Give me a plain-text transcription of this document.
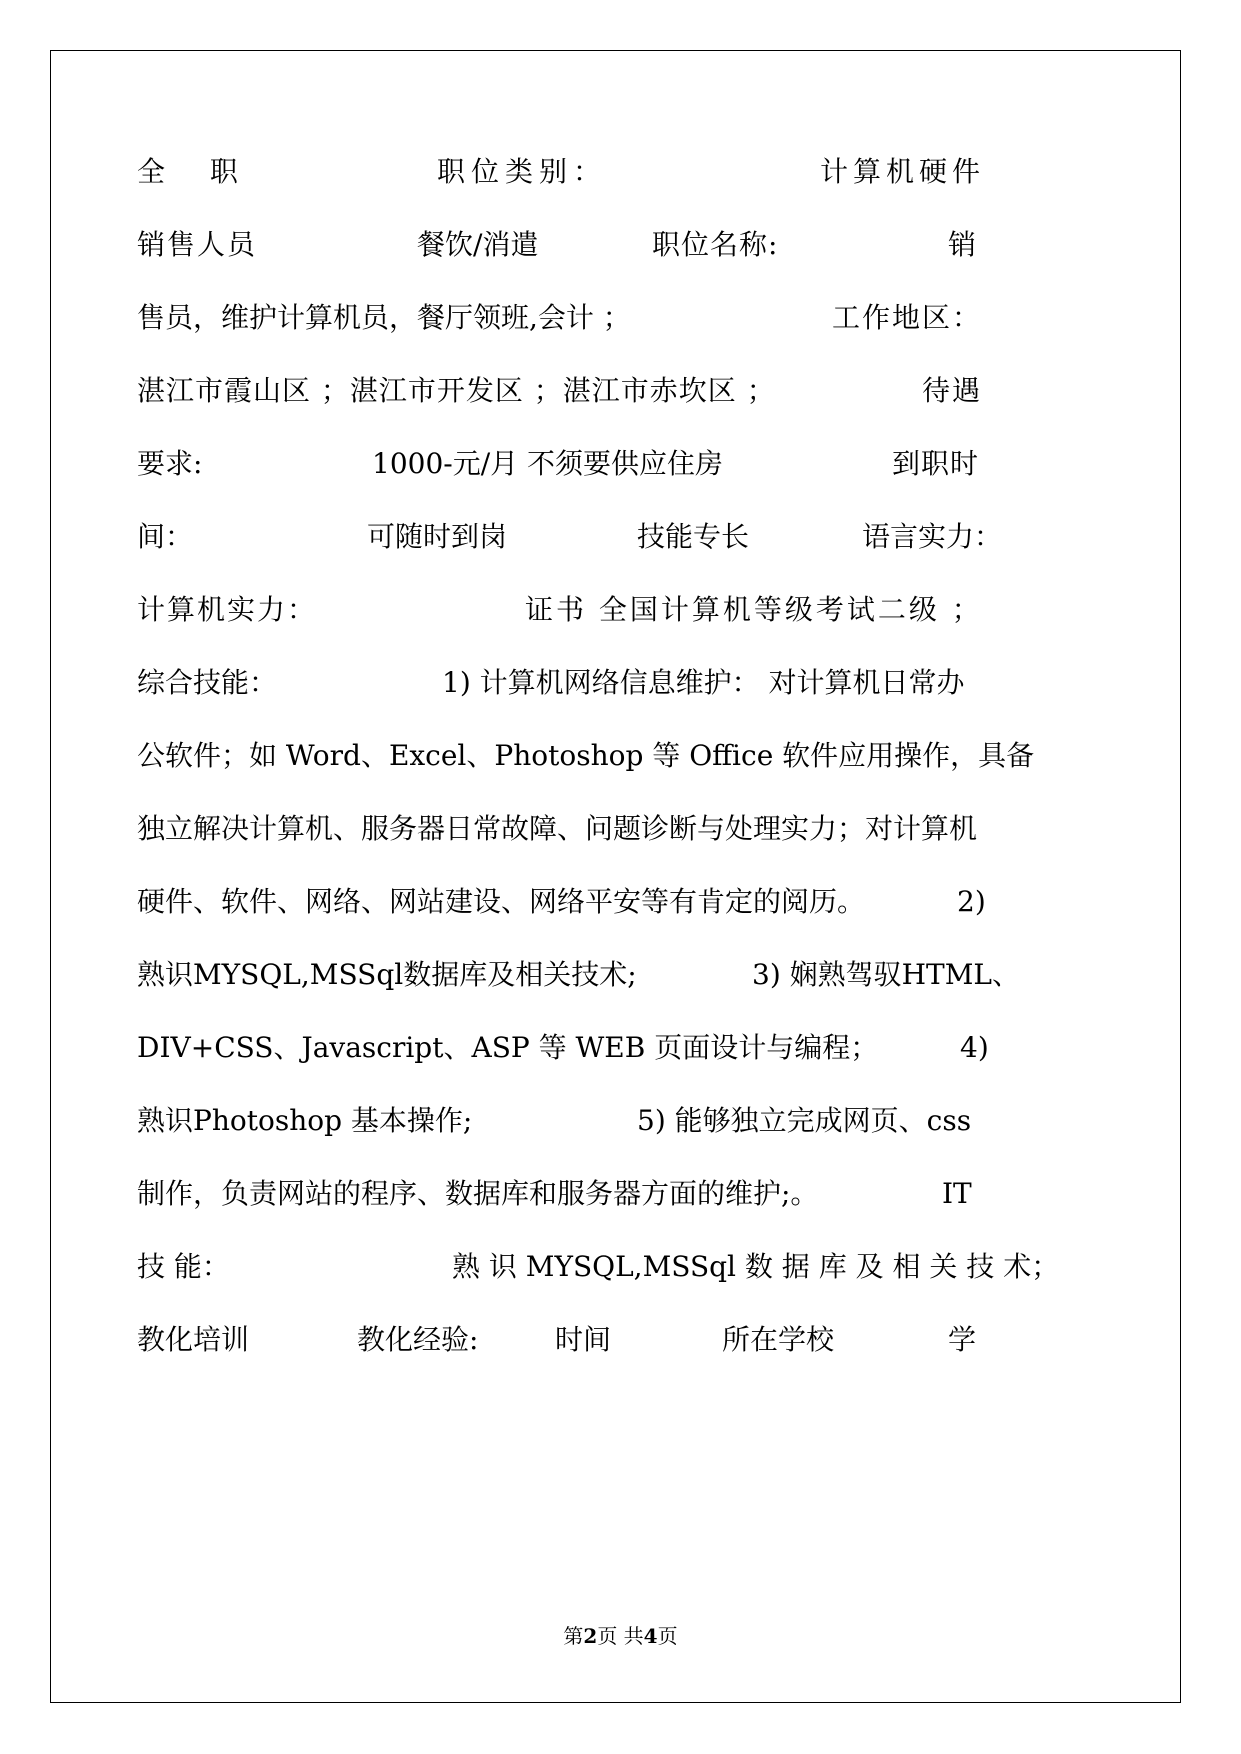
全 职	职位类别：	计算机硬件
销售人员	餐饮/消遣	职位名称:	销
售员，维护计算机员，餐厅领班,会计 ；	工作地区：
湛江市霞山区 ；湛江市开发区 ；湛江市赤坎区 ；	待遇
要求:	1000-元/月 不须要供应住房	到职时
间：	可随时到岗	技能专长	语言实力：
计算机实力：	证书 全国计算机等级考试二级 ；
综合技能：	1) 计算机网络信息维护： 对计算机日常办
公软件；如 Word、Excel、Photoshop 等 Office 软件应用操作，具备
独立解决计算机、服务器日常故障、问题诊断与处理实力；对计算机
硬件、软件、网络、网站建设、网络平安等有肯定的阅历。	2)
熟识MYSQL,MSSql数据库及相关技术;	3) 娴熟驾驭HTML、
DIV+CSS、Javascript、ASP 等 WEB 页面设计与编程；	4)
熟识Photoshop 基本操作;	5) 能够独立完成网页、css
制作，负责网站的程序、数据库和服务器方面的维护;。	IT
技 能：	熟 识 MYSQL,MSSql 数 据 库 及 相 关 技 术；
教化培训	教化经验:	时间	所在学校	学
第2页 共4页
